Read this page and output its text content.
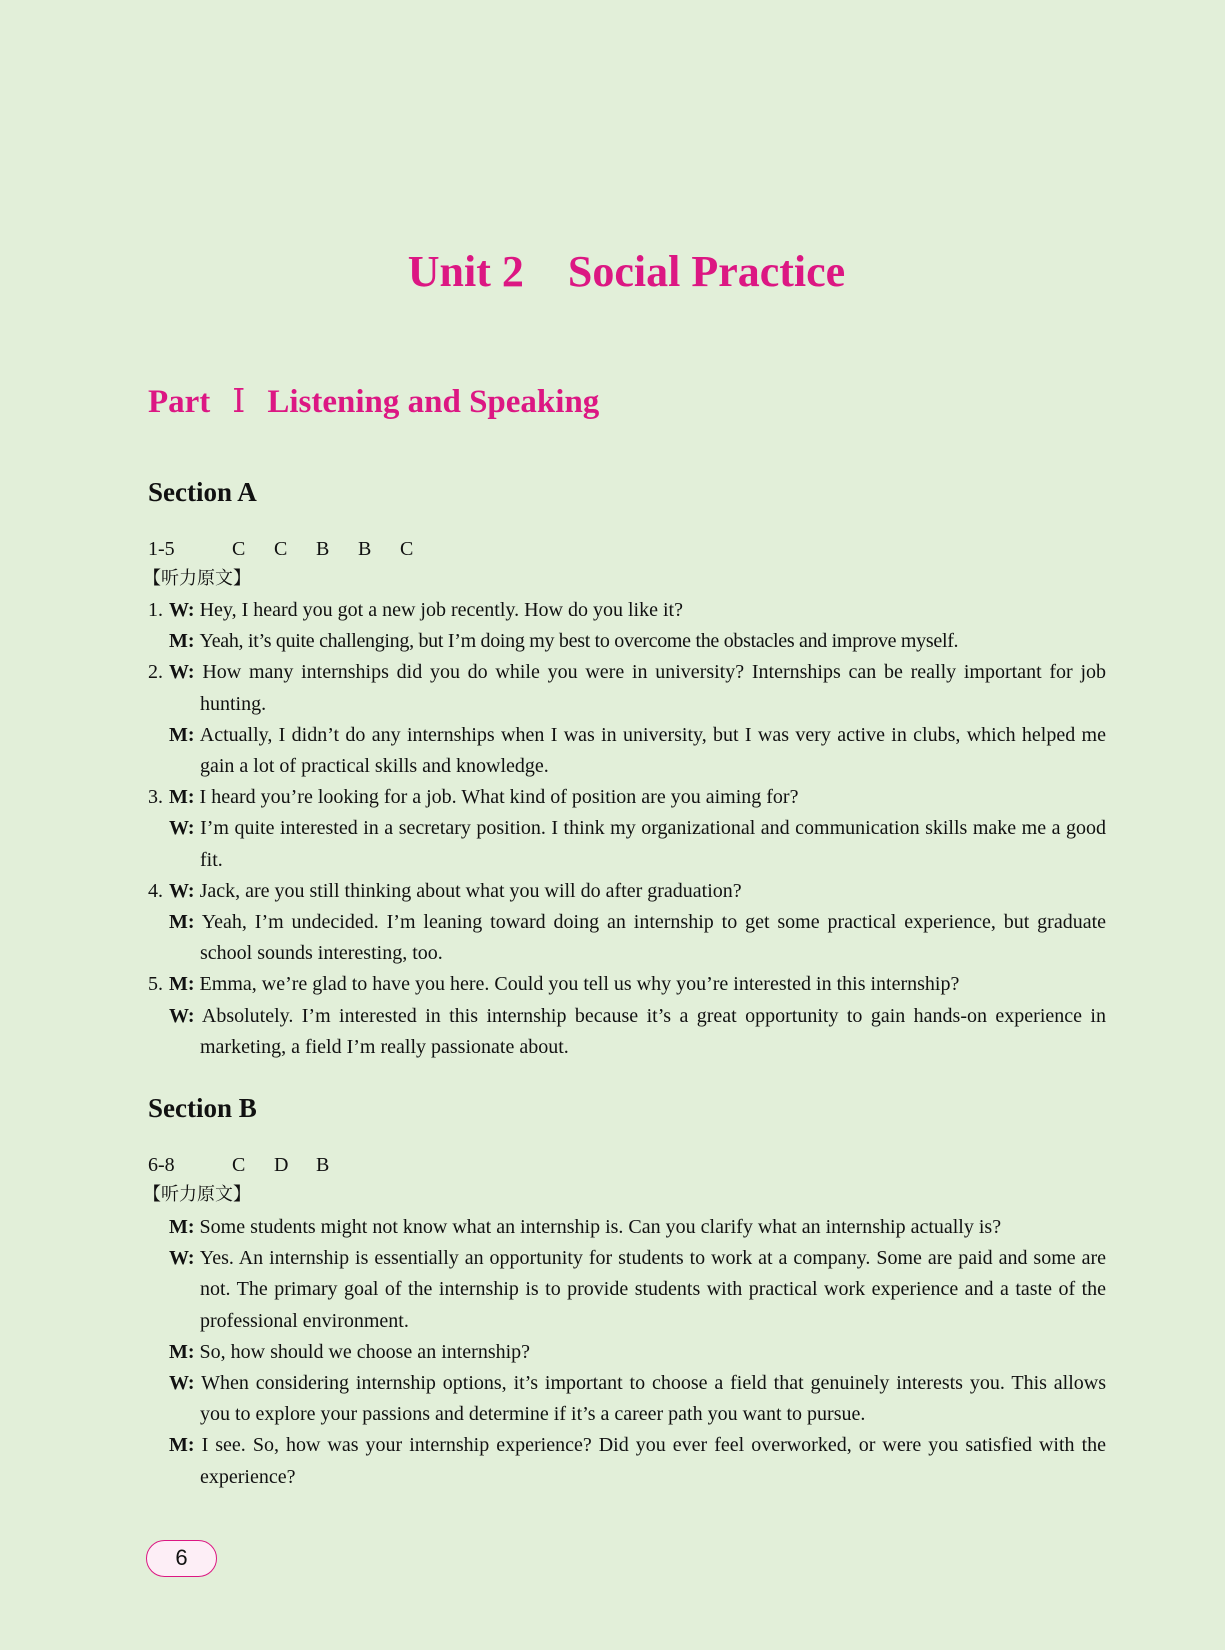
Unit 2 Social Practice
Part Ⅰ Listening and Speaking
Section A
1-5	C C B B C
【听力原文】
1. W: Hey, I heard you got a new job recently. How do you like it?
M: Yeah, it’s quite challenging, but I’m doing my best to overcome the obstacles and improve myself.
2. W: How many internships did you do while you were in university? Internships can be really important for job hunting.
M: Actually, I didn’t do any internships when I was in university, but I was very active in clubs, which helped me gain a lot of practical skills and knowledge.
3. M: I heard you’re looking for a job. What kind of position are you aiming for?
W: I’m quite interested in a secretary position. I think my organizational and communication skills make me a good fit.
4. W: Jack, are you still thinking about what you will do after graduation?
M: Yeah, I’m undecided. I’m leaning toward doing an internship to get some practical experience, but graduate school sounds interesting, too.
5. M: Emma, we’re glad to have you here. Could you tell us why you’re interested in this internship?
W: Absolutely. I’m interested in this internship because it’s a great opportunity to gain hands-on experience in marketing, a field I’m really passionate about.
Section B
6-8	C D B
【听力原文】
M: Some students might not know what an internship is. Can you clarify what an internship actually is?
W: Yes. An internship is essentially an opportunity for students to work at a company. Some are paid and some are not. The primary goal of the internship is to provide students with practical work experience and a taste of the professional environment.
M: So, how should we choose an internship?
W: When considering internship options, it’s important to choose a field that genuinely interests you. This allows you to explore your passions and determine if it’s a career path you want to pursue.
M: I see. So, how was your internship experience? Did you ever feel overworked, or were you satisfied with the experience?
6
